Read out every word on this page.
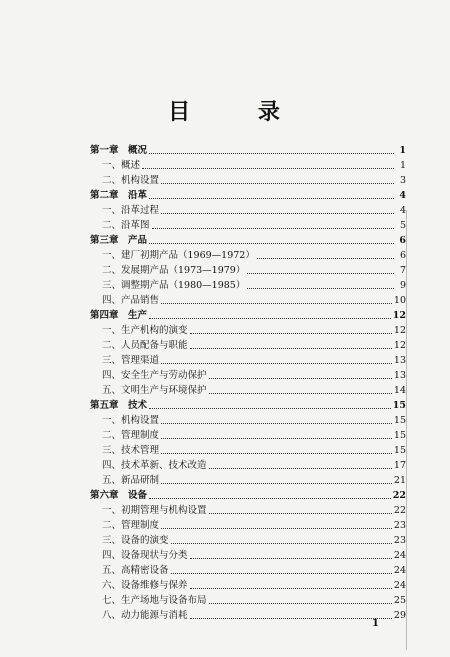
目 录
第一章　概况	1
一、概述	1
二、机构设置	3
第二章　沿革	4
一、沿革过程	4
二、沿革图	5
第三章　产品	6
一、建厂初期产品（1969—1972）	6
二、发展期产品（1973—1979）	7
三、调整期产品（1980—1985）	9
四、产品销售	10
第四章　生产	12
一、生产机构的演变	12
二、人员配备与职能	12
三、管理渠道	13
四、安全生产与劳动保护	13
五、文明生产与环境保护	14
第五章　技术	15
一、机构设置	15
二、管理制度	15
三、技术管理	15
四、技术革新、技术改造	17
五、新品研制	21
第六章　设备	22
一、初期管理与机构设置	22
二、管理制度	23
三、设备的演变	23
四、设备现状与分类	24
五、高精密设备	24
六、设备维修与保养	24
七、生产场地与设备布局	25
八、动力能源与消耗	29
1
